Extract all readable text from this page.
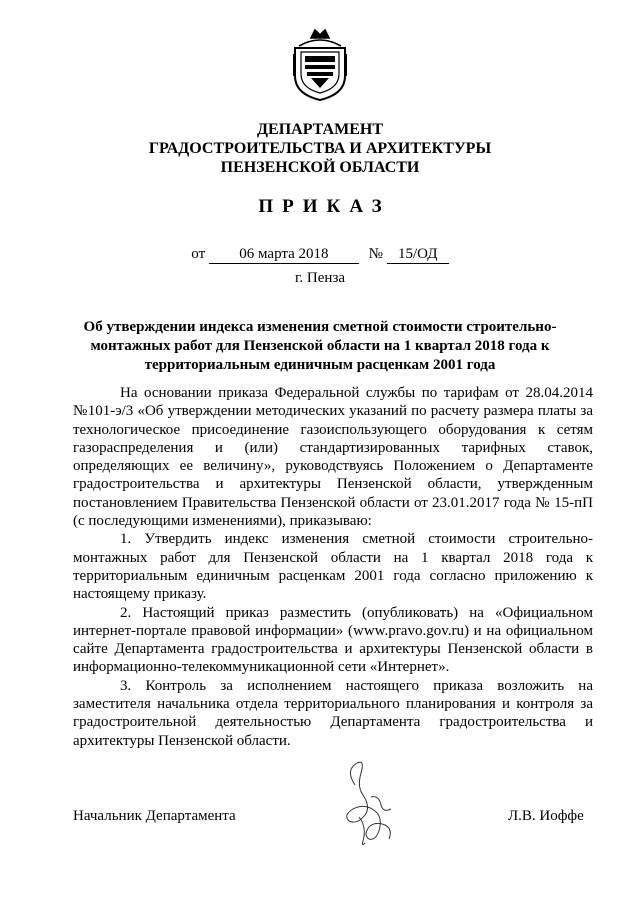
ДЕПАРТАМЕНТ
ГРАДОСТРОИТЕЛЬСТВА И АРХИТЕКТУРЫ
ПЕНЗЕНСКОЙ ОБЛАСТИ
ПРИКАЗ
от 06 марта 2018	№ 15/ОД
г. Пенза
Об утверждении индекса изменения сметной стоимости строительно-монтажных работ для Пензенской области на 1 квартал 2018 года к территориальным единичным расценкам 2001 года

На основании приказа Федеральной службы по тарифам от 28.04.2014 №101-э/3 «Об утверждении методических указаний по расчету размера платы за технологическое присоединение газоиспользующего оборудования к сетям газораспределения и (или) стандартизированных тарифных ставок, определяющих ее величину», руководствуясь Положением о Департаменте градостроительства и архитектуры Пензенской области, утвержденным постановлением Правительства Пензенской области от 23.01.2017 года № 15-пП (с последующими изменениями), приказываю:

1. Утвердить индекс изменения сметной стоимости строительно-монтажных работ для Пензенской области на 1 квартал 2018 года к территориальным единичным расценкам 2001 года согласно приложению к настоящему приказу.

2. Настоящий приказ разместить (опубликовать) на «Официальном интернет-портале правовой информации» (www.pravo.gov.ru) и на официальном сайте Департамента градостроительства и архитектуры Пензенской области в информационно-телекоммуникационной сети «Интернет».

3. Контроль за исполнением настоящего приказа возложить на заместителя начальника отдела территориального планирования и контроля за градостроительной деятельностью Департамента градостроительства и архитектуры Пензенской области.

Начальник Департамента	Л.В. Иоффе
